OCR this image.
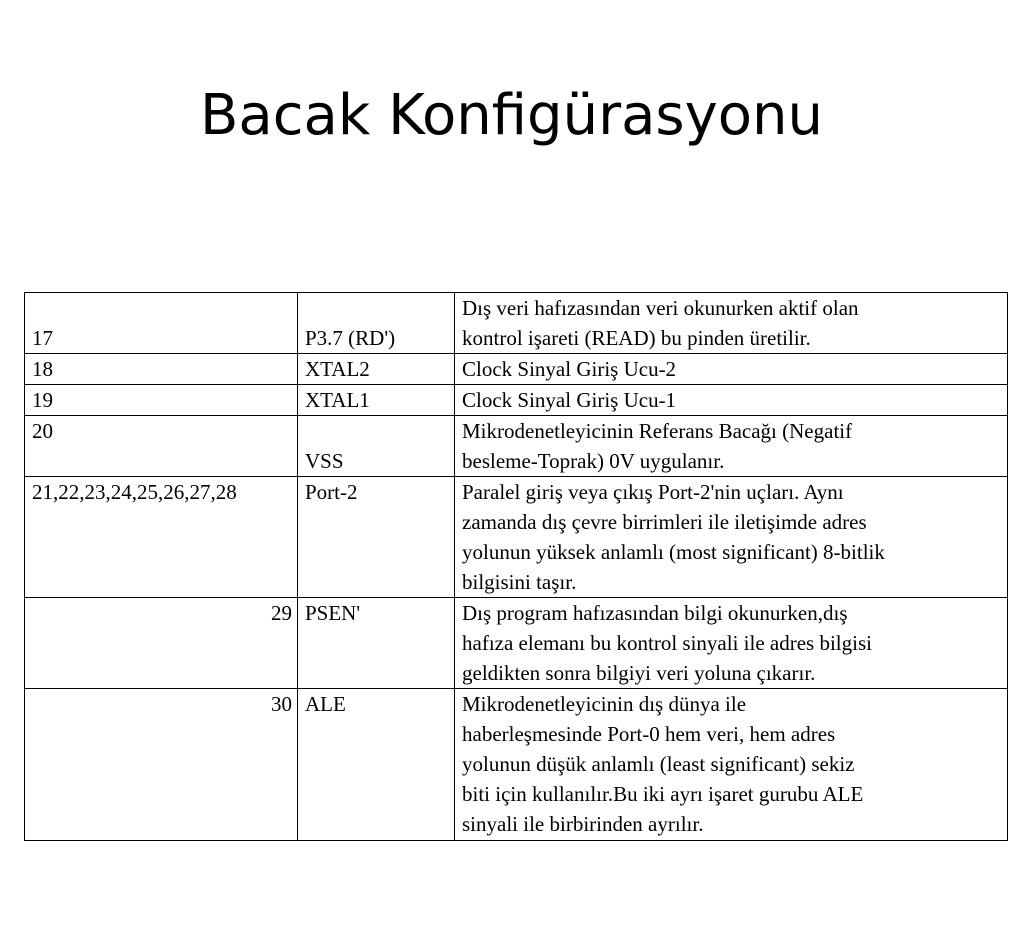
Bacak Konfigürasyonu
17	P3.7 (RD')	Dış veri hafızasından veri okunurken aktif olan
kontrol işareti (READ) bu pinden üretilir.

18	XTAL2	Clock Sinyal Giriş Ucu-2

19	XTAL1	Clock Sinyal Giriş Ucu-1

20	VSS	Mikrodenetleyicinin Referans Bacağı (Negatif
besleme-Toprak) 0V uygulanır.

21,22,23,24,25,26,27,28	Port-2	Paralel giriş veya çıkış Port-2'nin uçları. Aynı
zamanda dış çevre birrimleri ile iletişimde adres
yolunun yüksek anlamlı (most significant) 8-bitlik
bilgisini taşır.

29	PSEN'	Dış program hafızasından bilgi okunurken,dış
hafıza elemanı bu kontrol sinyali ile adres bilgisi
geldikten sonra bilgiyi veri yoluna çıkarır.

30	ALE	Mikrodenetleyicinin dış dünya ile
haberleşmesinde Port-0 hem veri, hem adres
yolunun düşük anlamlı (least significant) sekiz
biti için kullanılır.Bu iki ayrı işaret gurubu ALE
sinyali ile birbirinden ayrılır.
